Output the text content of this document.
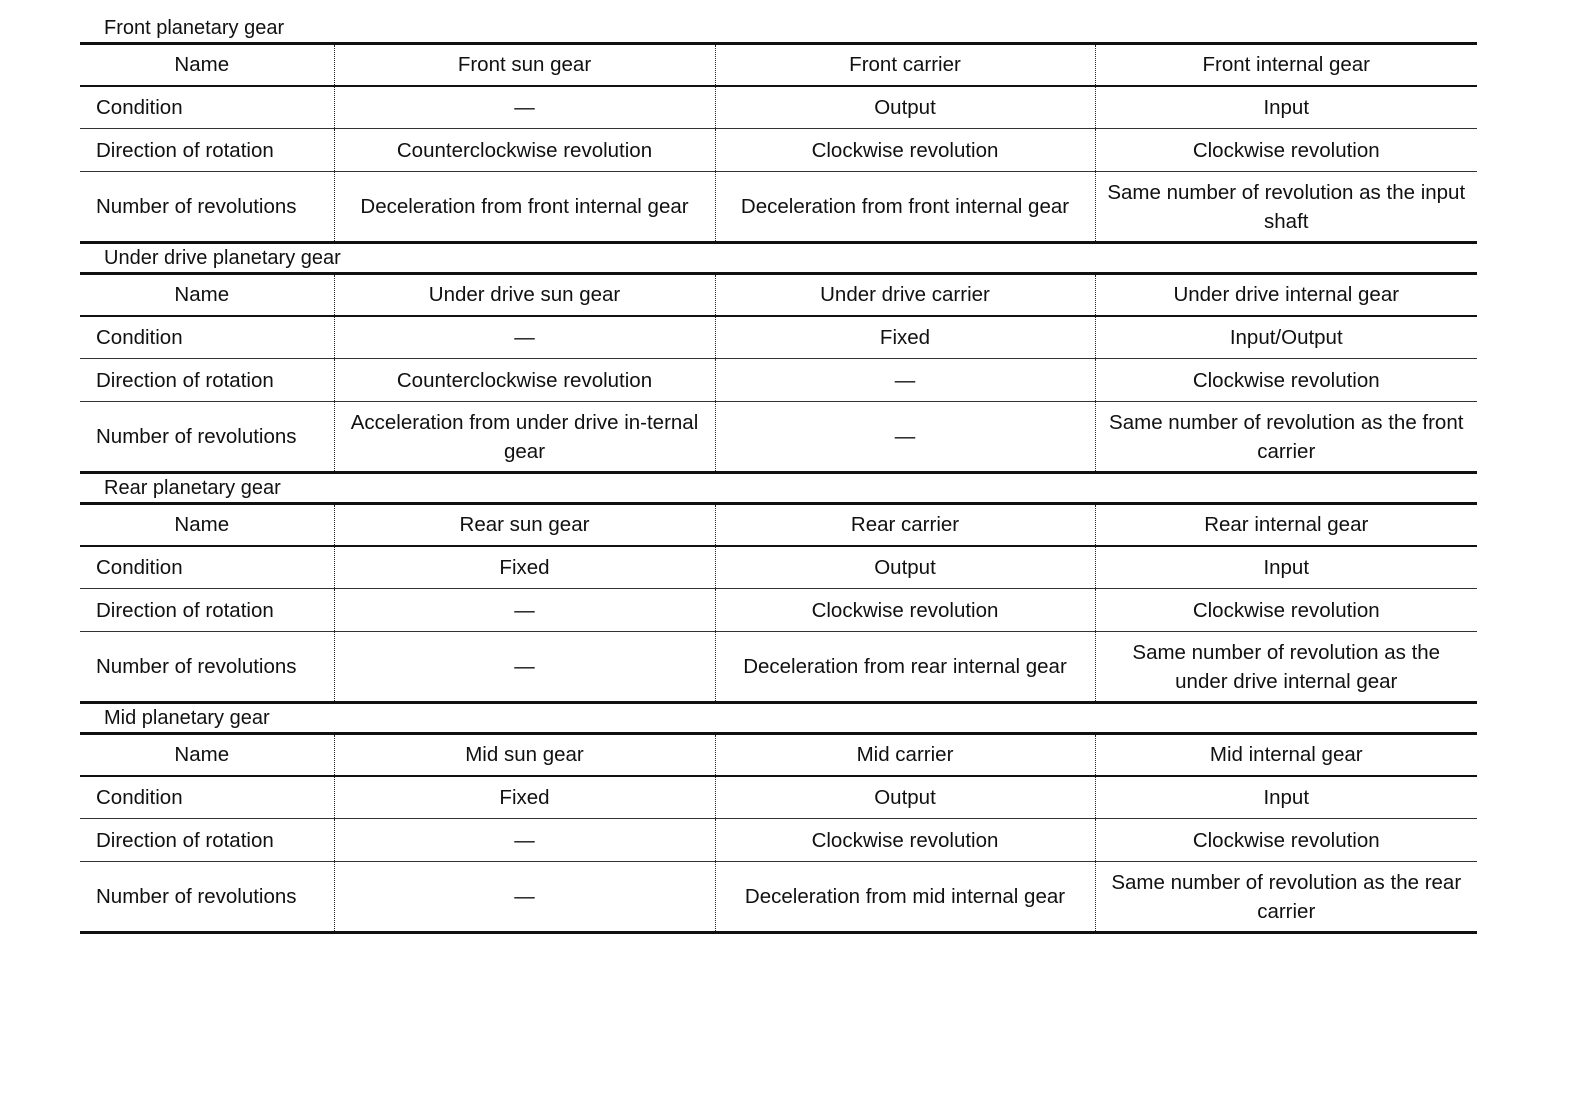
Front planetary gear
Name	Front sun gear	Front carrier	Front internal gear
Condition	—	Output	Input
Direction of rotation	Counterclockwise revolution	Clockwise revolution	Clockwise revolution
Number of revolutions	Deceleration from front internal gear	Deceleration from front internal gear	Same number of revolution as the input shaft
Under drive planetary gear
Name	Under drive sun gear	Under drive carrier	Under drive internal gear
Condition	—	Fixed	Input/Output
Direction of rotation	Counterclockwise revolution	—	Clockwise revolution
Number of revolutions	Acceleration from under drive in-ternal gear	—	Same number of revolution as the front carrier
Rear planetary gear
Name	Rear sun gear	Rear carrier	Rear internal gear
Condition	Fixed	Output	Input
Direction of rotation	—	Clockwise revolution	Clockwise revolution
Number of revolutions	—	Deceleration from rear internal gear	Same number of revolution as the under drive internal gear
Mid planetary gear
Name	Mid sun gear	Mid carrier	Mid internal gear
Condition	Fixed	Output	Input
Direction of rotation	—	Clockwise revolution	Clockwise revolution
Number of revolutions	—	Deceleration from mid internal gear	Same number of revolution as the rear carrier
